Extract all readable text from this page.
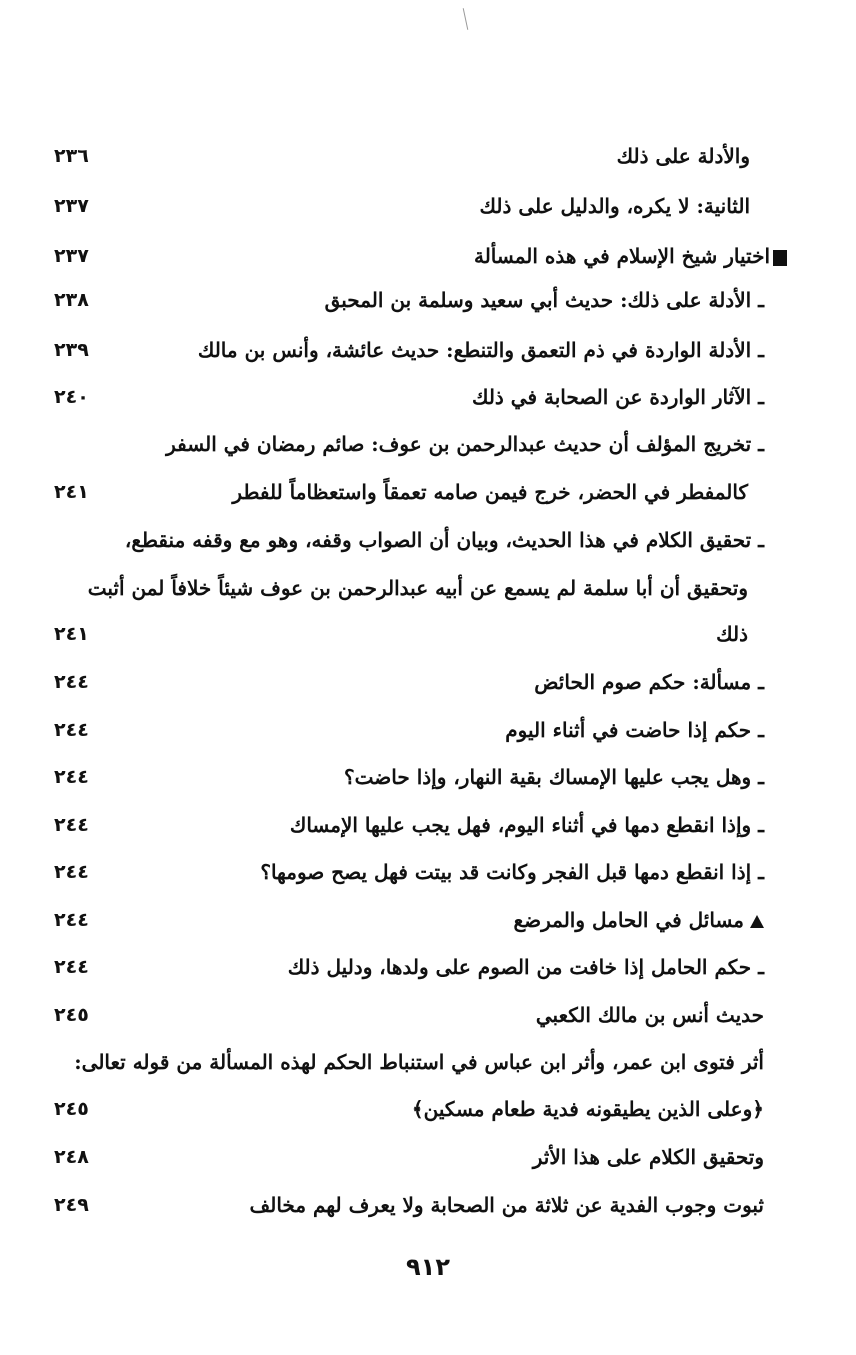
والأدلة على ذلك
٢٣٦
الثانية: لا يكره، والدليل على ذلك
٢٣٧
اختيار شيخ الإسلام في هذه المسألة
٢٣٧
ـ الأدلة على ذلك: حديث أبي سعيد وسلمة بن المحبق
٢٣٨
ـ الأدلة الواردة في ذم التعمق والتنطع: حديث عائشة، وأنس بن مالك
٢٣٩
ـ الآثار الواردة عن الصحابة في ذلك
٢٤٠
ـ تخريج المؤلف أن حديث عبدالرحمن بن عوف: صائم رمضان في السفر
كالمفطر في الحضر، خرج فيمن صامه تعمقاً واستعظاماً للفطر
٢٤١
ـ تحقيق الكلام في هذا الحديث، وبيان أن الصواب وقفه، وهو مع وقفه منقطع،
وتحقيق أن أبا سلمة لم يسمع عن أبيه عبدالرحمن بن عوف شيئاً خلافاً لمن أثبت
ذلك
٢٤١
ـ مسألة: حكم صوم الحائض
٢٤٤
ـ حكم إذا حاضت في أثناء اليوم
٢٤٤
ـ وهل يجب عليها الإمساك بقية النهار، وإذا حاضت؟
٢٤٤
ـ وإذا انقطع دمها في أثناء اليوم، فهل يجب عليها الإمساك
٢٤٤
ـ إذا انقطع دمها قبل الفجر وكانت قد بيتت فهل يصح صومها؟
٢٤٤
مسائل في الحامل والمرضع
٢٤٤
ـ حكم الحامل إذا خافت من الصوم على ولدها، ودليل ذلك
٢٤٤
حديث أنس بن مالك الكعبي
٢٤٥
أثر فتوى ابن عمر، وأثر ابن عباس في استنباط الحكم لهذه المسألة من قوله تعالى:
﴿وعلى الذين يطيقونه فدية طعام مسكين﴾
٢٤٥
وتحقيق الكلام على هذا الأثر
٢٤٨
ثبوت وجوب الفدية عن ثلاثة من الصحابة ولا يعرف لهم مخالف
٢٤٩
٩١٢
